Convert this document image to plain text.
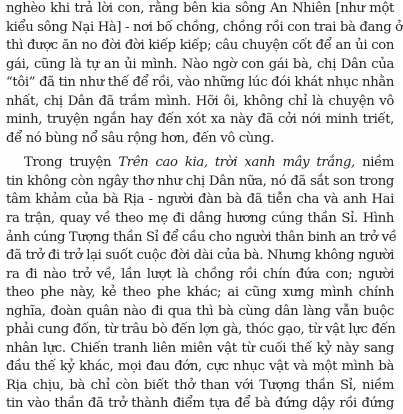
nghèo khi trả lời con, rằng bên kia sông An Nhiên [như một
kiểu sông Nại Hà] - nơi bố chồng, chồng rồi con trai bà đang ở
thì được ăn no đời đời kiếp kiếp; câu chuyện cốt để an ủi con
gái, cũng là tự an ủi mình. Nào ngờ con gái bà, chị Dân của
“tôi” đã tin như thế để rồi, vào những lúc đói khát nhục nhằn
nhất, chị Dân đã trầm mình. Hỡi ôi, không chỉ là chuyện vô
minh, truyện ngắn hay đến xót xa này đã cởi nới minh triết,
để nó bùng nổ sâu rộng hơn, đến vô cùng.
Trong truyện Trên cao kia, trời xanh mây trắng, niềm
tin không còn ngây thơ như chị Dân nữa, nó đã sắt son trong
tâm khảm của bà Rịa - người đàn bà đã tiễn cha và anh Hai
ra trận, quay về theo mẹ đi dâng hương cúng thần Sỉ. Hình
ảnh cúng Tượng thần Sỉ để cầu cho người thân binh an trở về
đã trở đi trở lại suốt cuộc đời dài của bà. Nhưng không người
ra đi nào trở về, lần lượt là chồng rồi chín đứa con; người
theo phe này, kẻ theo phe khác; ai cũng xưng mình chính
nghĩa, đoàn quân nào đi qua thì bà cùng dân làng vẫn buộc
phải cung đốn, từ trâu bò đến lợn gà, thóc gạo, từ vật lực đến
nhân lực. Chiến tranh liên miên vật từ cuối thế kỷ này sang
đầu thế kỷ khác, mọi đau đớn, cực nhục vật và một mình bà
Rịa chịu, bà chỉ còn biết thở than với Tượng thần Sỉ, niềm
tin vào thần đã trở thành điểm tựa để bà đứng dậy rồi đứng
